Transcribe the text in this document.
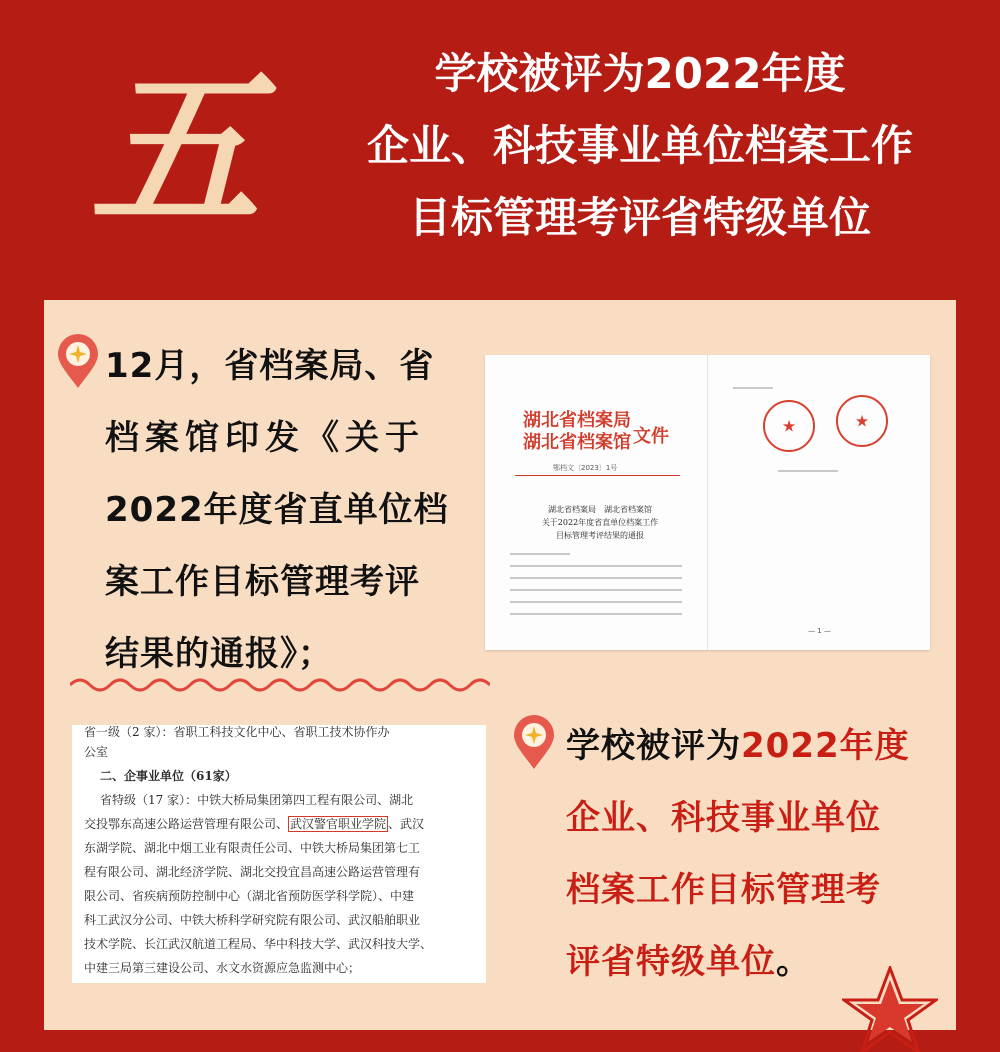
五	学校被评为2022年度
企业、科技事业单位档案工作
目标管理考评省特级单位
12月，省档案局、省
档案馆印发《关于
2022年度省直单位档
案工作目标管理考评
结果的通报》；
湖北省档案局
湖北省档案馆 文件
鄂档文〔2023〕1号
湖北省档案局　湖北省档案馆
关于2022年度省直单位档案工作
目标管理考评结果的通报
★	★
— 1 —
省一级（2 家）：省职工科技文化中心、省职工技术协作办
公室
二、企事业单位（61家）
省特级（17 家）：中铁大桥局集团第四工程有限公司、湖北
交投鄂东高速公路运营管理有限公司、 武汉警官职业学院 、武汉
东湖学院、湖北中烟工业有限责任公司、中铁大桥局集团第七工
程有限公司、湖北经济学院、湖北交投宜昌高速公路运营管理有
限公司、省疾病预防控制中心（湖北省预防医学科学院）、中建
科工武汉分公司、中铁大桥科学研究院有限公司、武汉船舶职业
技术学院、长江武汉航道工程局、华中科技大学、武汉科技大学、
中建三局第三建设公司、水文水资源应急监测中心；
学校被评为2022年度
企业、科技事业单位
档案工作目标管理考
评省特级单位。
